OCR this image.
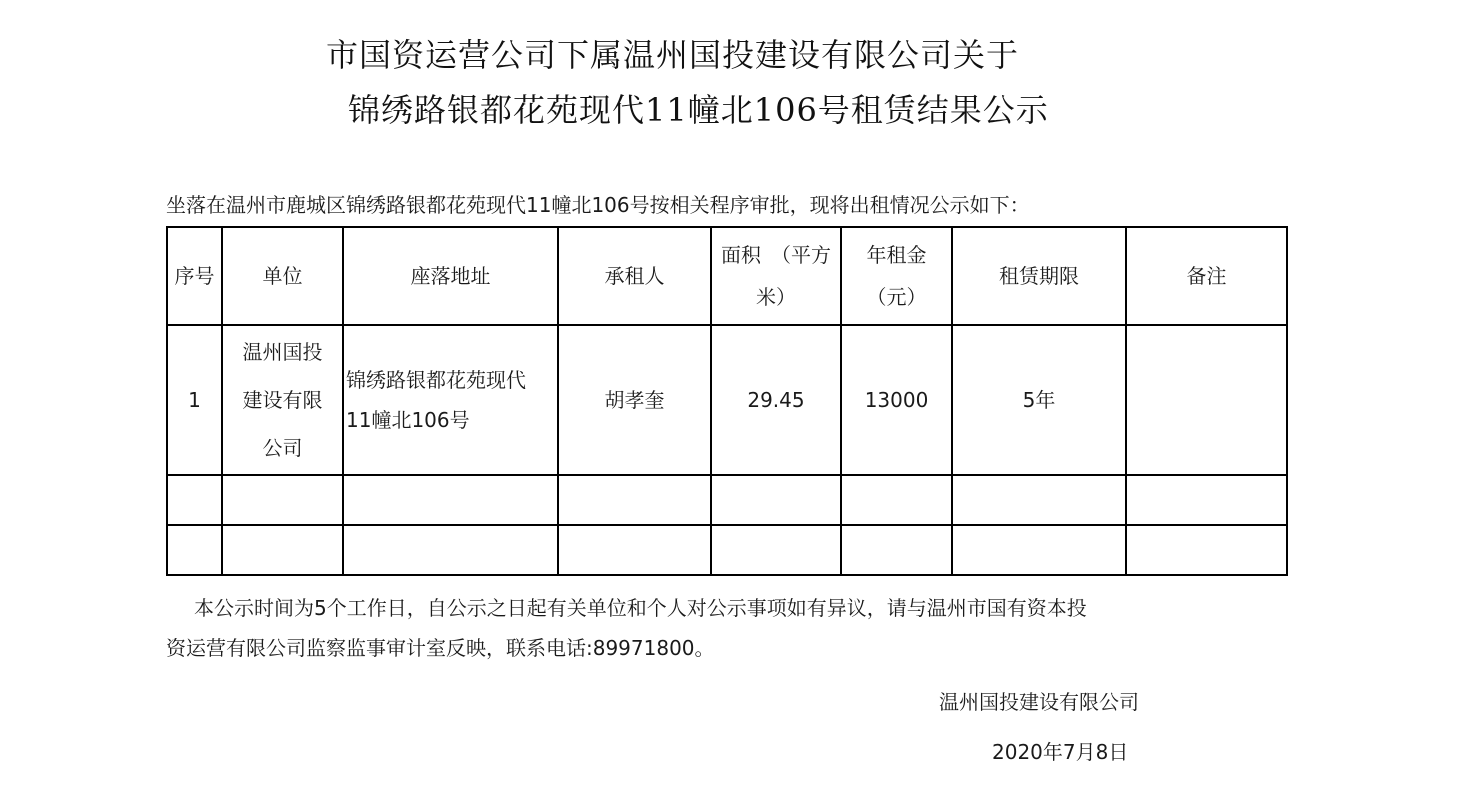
市国资运营公司下属温州国投建设有限公司关于
锦绣路银都花苑现代11幢北106号租赁结果公示
坐落在温州市鹿城区锦绣路银都花苑现代11幢北106号按相关程序审批，现将出租情况公示如下：
序号	单位	座落地址	承租人	面积　（平方米）	年租金（元）	租赁期限	备注
1	温州国投建设有限公司	锦绣路银都花苑现代11幢北106号	胡孝奎	29.45	13000	5年	

本公示时间为5个工作日，自公示之日起有关单位和个人对公示事项如有异议，请与温州市国有资本投
资运营有限公司监察监事审计室反映，联系电话:89971800。
温州国投建设有限公司
2020年7月8日
